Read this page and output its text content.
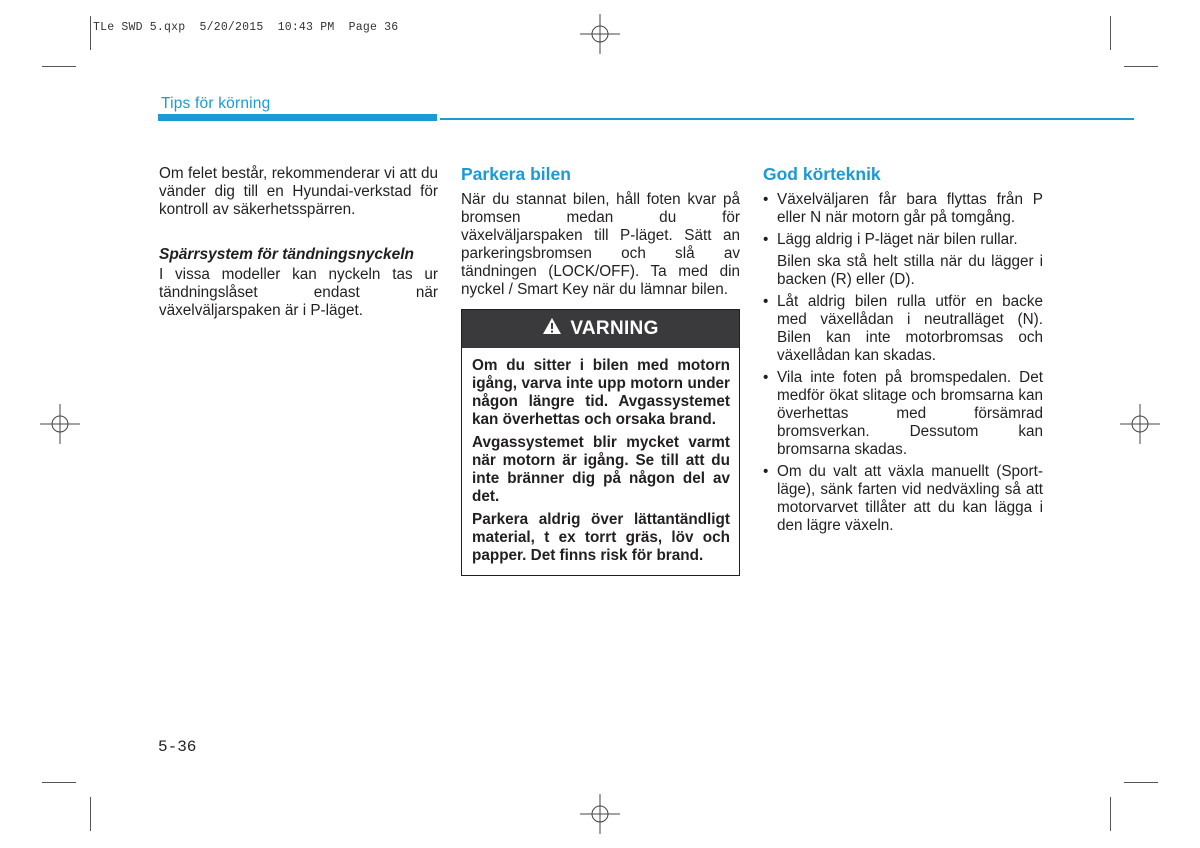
TLe SWD 5.qxp  5/20/2015  10:43 PM  Page 36
Tips för körning

Om felet består, rekommenderar vi att du vänder dig till en Hyundai-verkstad för kontroll av säkerhetsspärren.

Spärrsystem för tändningsnyckeln

I vissa modeller kan nyckeln tas ur tändningslåset endast när växelväljarspaken är i P-läget.

Parkera bilen

När du stannat bilen, håll foten kvar på bromsen medan du för växelväljarspaken till P-läget. Sätt an parkeringsbromsen och slå av tändningen (LOCK/OFF). Ta med din nyckel / Smart Key när du lämnar bilen.

VARNING

Om du sitter i bilen med motorn igång, varva inte upp motorn under någon längre tid. Avgassystemet kan överhettas och orsaka brand.

Avgassystemet blir mycket varmt när motorn är igång. Se till att du inte bränner dig på någon del av det.

Parkera aldrig över lättantändligt material, t ex torrt gräs, löv och papper. Det finns risk för brand.

God körteknik
• Växelväljaren får bara flyttas från P eller N när motorn går på tomgång.
• Lägg aldrig i P-läget när bilen rullar.
Bilen ska stå helt stilla när du lägger i backen (R) eller (D).
• Låt aldrig bilen rulla utför en backe med växellådan i neutralläget (N). Bilen kan inte motorbromsas och växellådan kan skadas.
• Vila inte foten på bromspedalen. Det medför ökat slitage och bromsarna kan överhettas med försämrad bromsverkan. Dessutom kan bromsarna skadas.
• Om du valt att växla manuellt (Sport-läge), sänk farten vid nedväxling så att motorvarvet tillåter att du kan lägga i den lägre växeln.
5-36
